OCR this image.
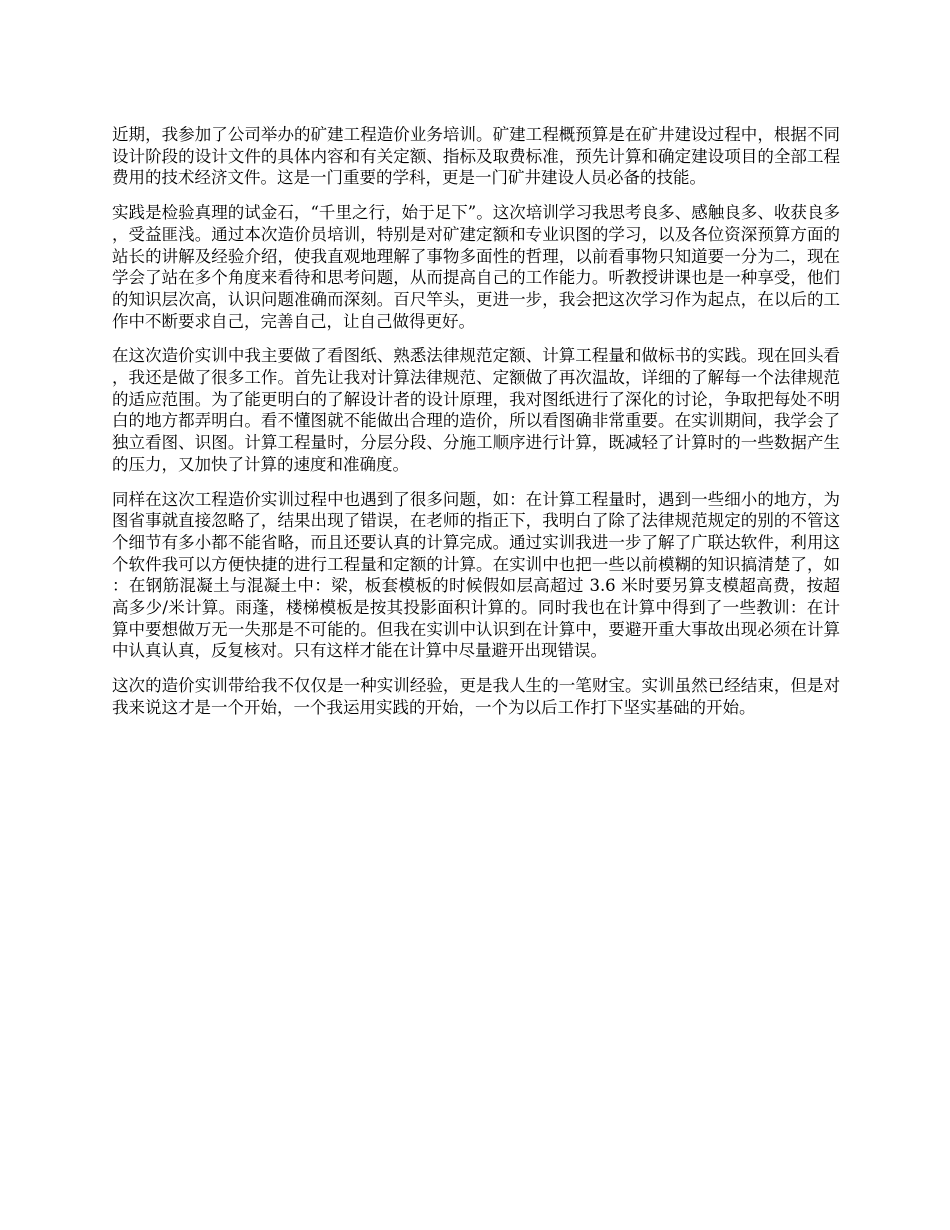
近期，我参加了公司举办的矿建工程造价业务培训。矿建工程概预算是在矿井建设过程中，根据不同设计阶段的设计文件的具体内容和有关定额、指标及取费标准，预先计算和确定建设项目的全部工程费用的技术经济文件。这是一门重要的学科，更是一门矿井建设人员必备的技能。

实践是检验真理的试金石，“千里之行，始于足下”。这次培训学习我思考良多、感触良多、收获良多，受益匪浅。通过本次造价员培训，特别是对矿建定额和专业识图的学习，以及各位资深预算方面的站长的讲解及经验介绍，使我直观地理解了事物多面性的哲理，以前看事物只知道要一分为二，现在学会了站在多个角度来看待和思考问题，从而提高自己的工作能力。听教授讲课也是一种享受，他们的知识层次高，认识问题准确而深刻。百尺竿头，更进一步，我会把这次学习作为起点，在以后的工作中不断要求自己，完善自己，让自己做得更好。

在这次造价实训中我主要做了看图纸、熟悉法律规范定额、计算工程量和做标书的实践。现在回头看，我还是做了很多工作。首先让我对计算法律规范、定额做了再次温故，详细的了解每一个法律规范的适应范围。为了能更明白的了解设计者的设计原理，我对图纸进行了深化的讨论，争取把每处不明白的地方都弄明白。看不懂图就不能做出合理的造价，所以看图确非常重要。在实训期间，我学会了独立看图、识图。计算工程量时，分层分段、分施工顺序进行计算，既减轻了计算时的一些数据产生的压力，又加快了计算的速度和准确度。

同样在这次工程造价实训过程中也遇到了很多问题，如：在计算工程量时，遇到一些细小的地方，为图省事就直接忽略了，结果出现了错误，在老师的指正下，我明白了除了法律规范规定的别的不管这个细节有多小都不能省略，而且还要认真的计算完成。通过实训我进一步了解了广联达软件，利用这个软件我可以方便快捷的进行工程量和定额的计算。在实训中也把一些以前模糊的知识搞清楚了，如：在钢筋混凝土与混凝土中：梁，板套模板的时候假如层高超过 3.6 米时要另算支模超高费，按超高多少/米计算。雨蓬，楼梯模板是按其投影面积计算的。同时我也在计算中得到了一些教训：在计算中要想做万无一失那是不可能的。但我在实训中认识到在计算中，要避开重大事故出现必须在计算中认真认真，反复核对。只有这样才能在计算中尽量避开出现错误。

这次的造价实训带给我不仅仅是一种实训经验，更是我人生的一笔财宝。实训虽然已经结束，但是对我来说这才是一个开始，一个我运用实践的开始，一个为以后工作打下坚实基础的开始。
